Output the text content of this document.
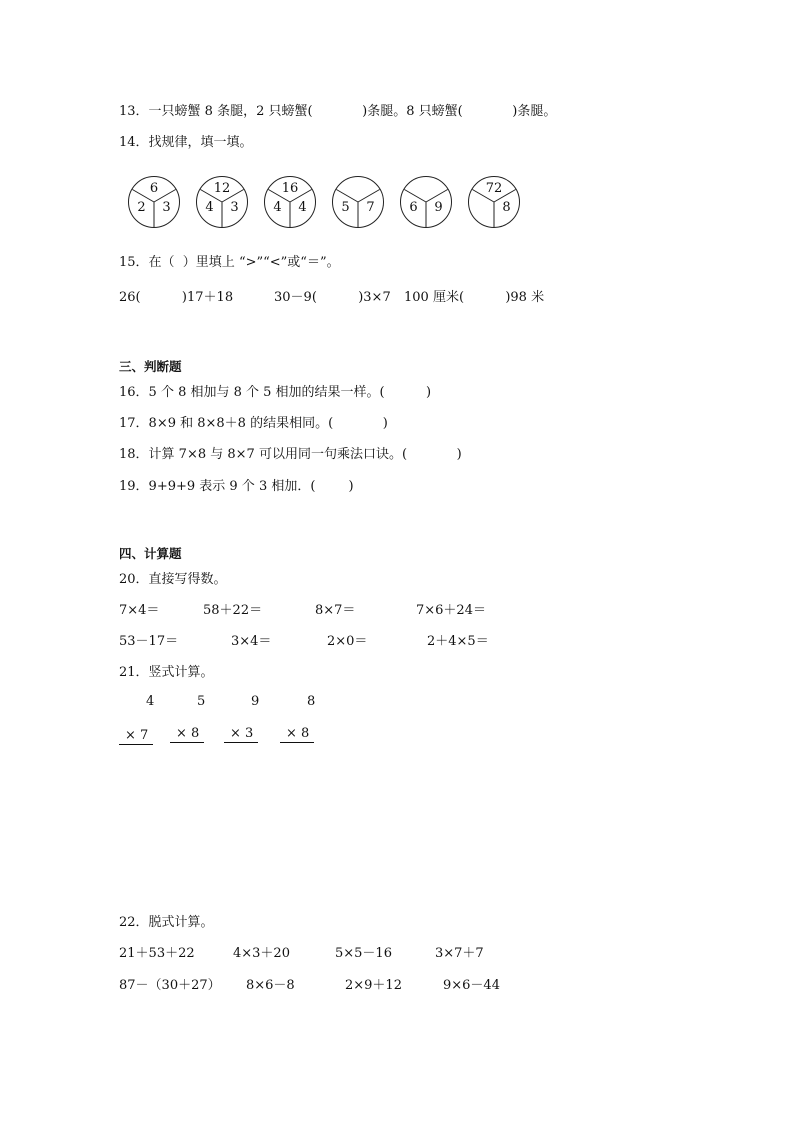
13．一只螃蟹 8 条腿，2 只螃蟹(            )条腿。8 只螃蟹(            )条腿。
14．找规律，填一填。
6
2	3
12
4	3
16
4	4	5	7	6	9
72
8
15．在（  ）里填上 “>”“<”或“＝”。
26(          )17＋18	30－9(          )3×7 100 厘米(          )98 米
三、判断题
16．5 个 8 相加与 8 个 5 相加的结果一样。(          )
17．8×9 和 8×8＋8 的结果相同。(            )
18．计算 7×8 与 8×7 可以用同一句乘法口诀。(            )
19．9+9+9 表示 9 个 3 相加．(        )
四、计算题
20．直接写得数。
7×4＝	58＋22＝	8×7＝	7×6＋24＝
53－17＝	3×4＝	2×0＝	2＋4×5＝
21．竖式计算。
4
× 7
5
× 8
9
× 3
8
× 8
22．脱式计算。
21＋53＋22	4×3＋20	5×5－16	3×7＋7
87－（30＋27） 8×6－8	2×9＋12	9×6－44
